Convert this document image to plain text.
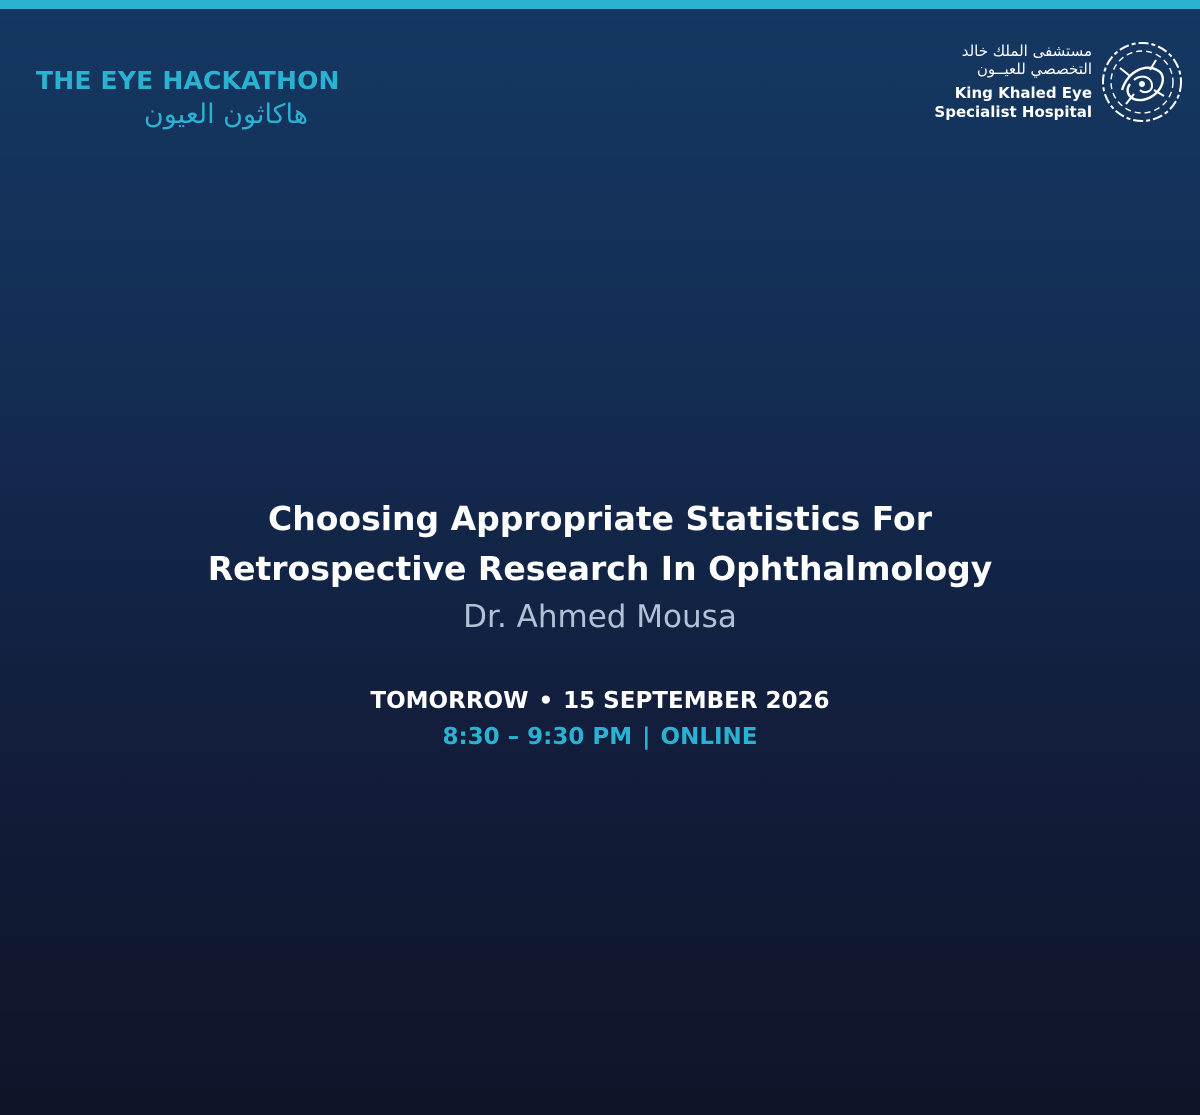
THE EYE HACKATHON
هاكاثون العيون
مستشفى الملك خالد
التخصصي للعيــون
King Khaled Eye
Specialist Hospital
Choosing Appropriate Statistics For
Retrospective Research In Ophthalmology
Dr. Ahmed Mousa
TOMORROW • 15 SEPTEMBER 2026
8:30 – 9:30 PM | ONLINE
